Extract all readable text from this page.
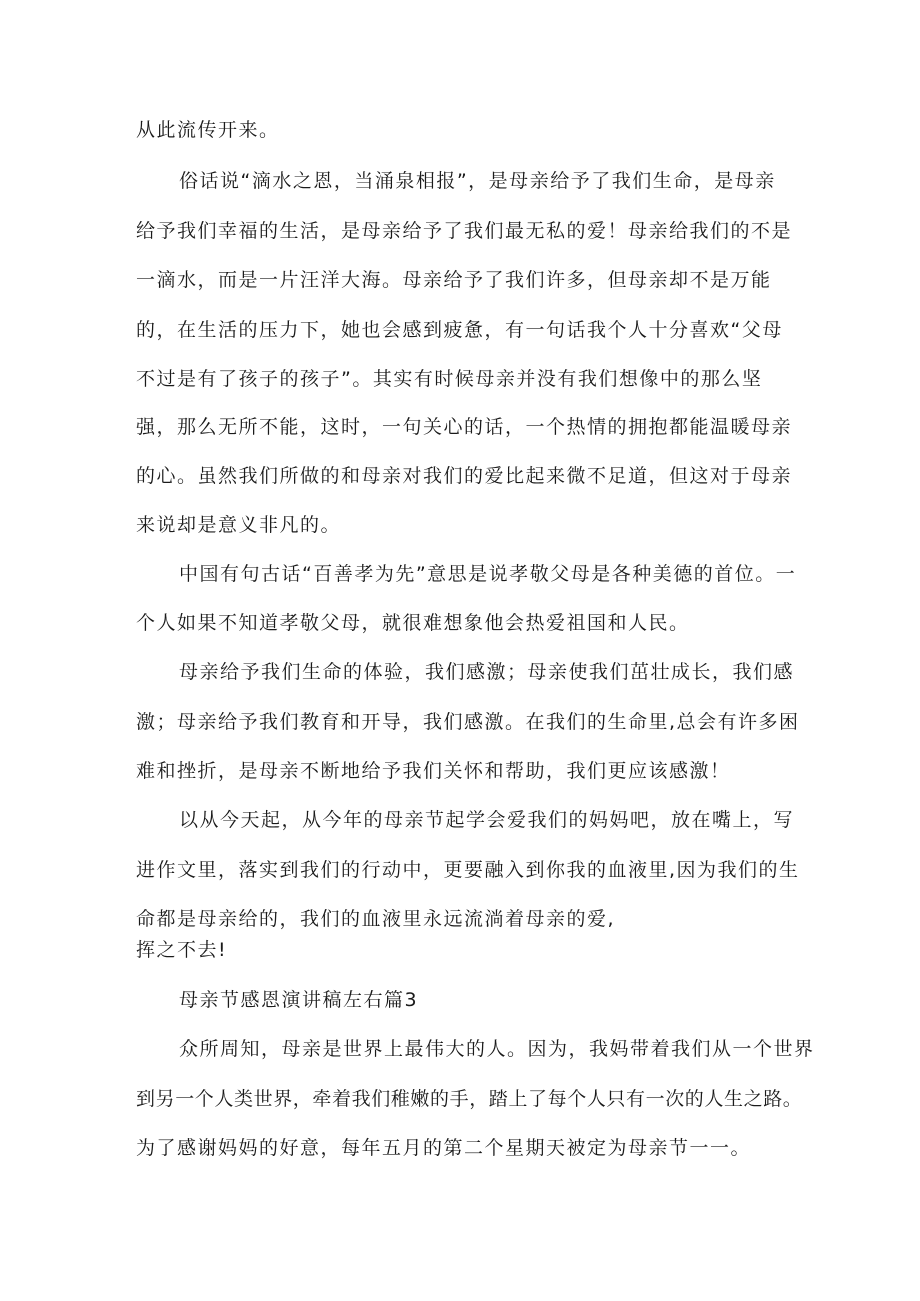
从此流传开来。
俗话说“滴水之恩，当涌泉相报”，是母亲给予了我们生命，是母亲
给予我们幸福的生活，是母亲给予了我们最无私的爱！母亲给我们的不是
一滴水，而是一片汪洋大海。母亲给予了我们许多，但母亲却不是万能
的，在生活的压力下，她也会感到疲惫，有一句话我个人十分喜欢“父母
不过是有了孩子的孩子”。其实有时候母亲并没有我们想像中的那么坚
强，那么无所不能，这时，一句关心的话，一个热情的拥抱都能温暖母亲
的心。虽然我们所做的和母亲对我们的爱比起来微不足道，但这对于母亲
来说却是意义非凡的。
中国有句古话“百善孝为先”意思是说孝敬父母是各种美德的首位。一
个人如果不知道孝敬父母，就很难想象他会热爱祖国和人民。
母亲给予我们生命的体验，我们感激；母亲使我们茁壮成长，我们感
激；母亲给予我们教育和开导，我们感激。在我们的生命里,总会有许多困
难和挫折，是母亲不断地给予我们关怀和帮助，我们更应该感激！
以从今天起，从今年的母亲节起学会爱我们的妈妈吧，放在嘴上，写
进作文里，落实到我们的行动中，更要融入到你我的血液里,因为我们的生
命都是母亲给的，我们的血液里永远流淌着母亲的爱,
挥之不去!
母亲节感恩演讲稿左右篇3
众所周知，母亲是世界上最伟大的人。因为，我妈带着我们从一个世界
到另一个人类世界，牵着我们稚嫩的手，踏上了每个人只有一次的人生之路。
为了感谢妈妈的好意，每年五月的第二个星期天被定为母亲节一一。
